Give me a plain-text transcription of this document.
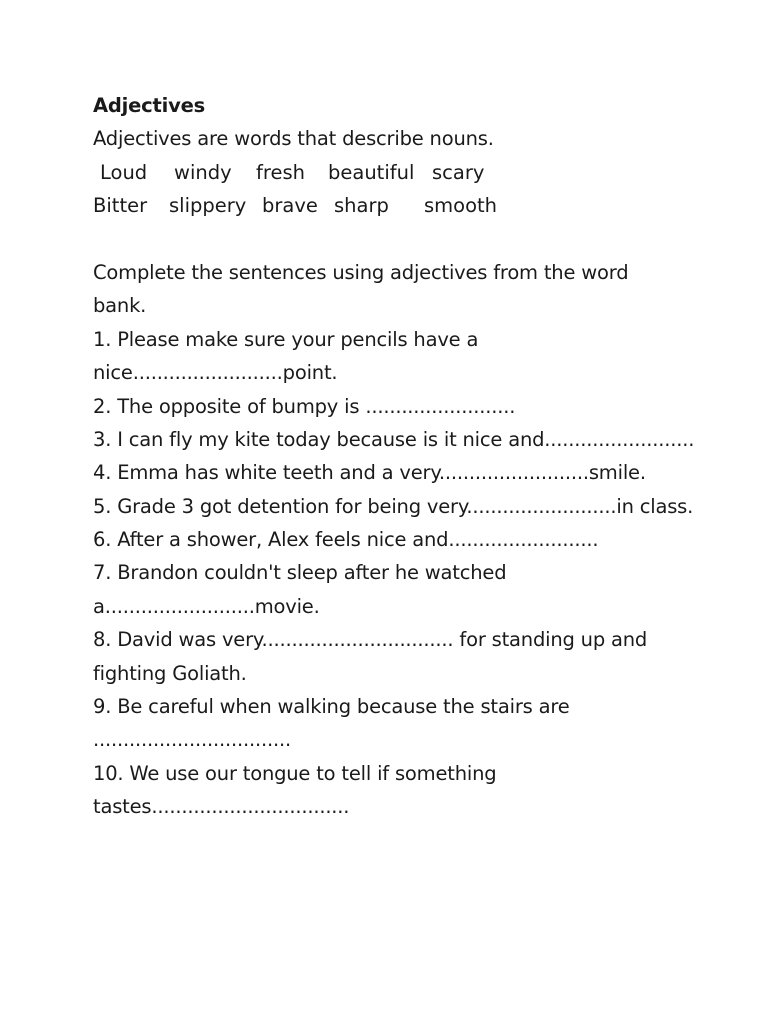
Adjectives
Adjectives are words that describe nouns.
Loud windy fresh beautiful scary
Bitter slippery brave sharp smooth
Complete the sentences using adjectives from the word
bank.
1. Please make sure your pencils have a
nice.........................point.
2. The opposite of bumpy is .........................
3. I can fly my kite today because is it nice and.........................
4. Emma has white teeth and a very.........................smile.
5. Grade 3 got detention for being very.........................in class.
6. After a shower, Alex feels nice and.........................
7. Brandon couldn't sleep after he watched
a.........................movie.
8. David was very................................ for standing up and
fighting Goliath.
9. Be careful when walking because the stairs are
.................................
10. We use our tongue to tell if something
tastes.................................
